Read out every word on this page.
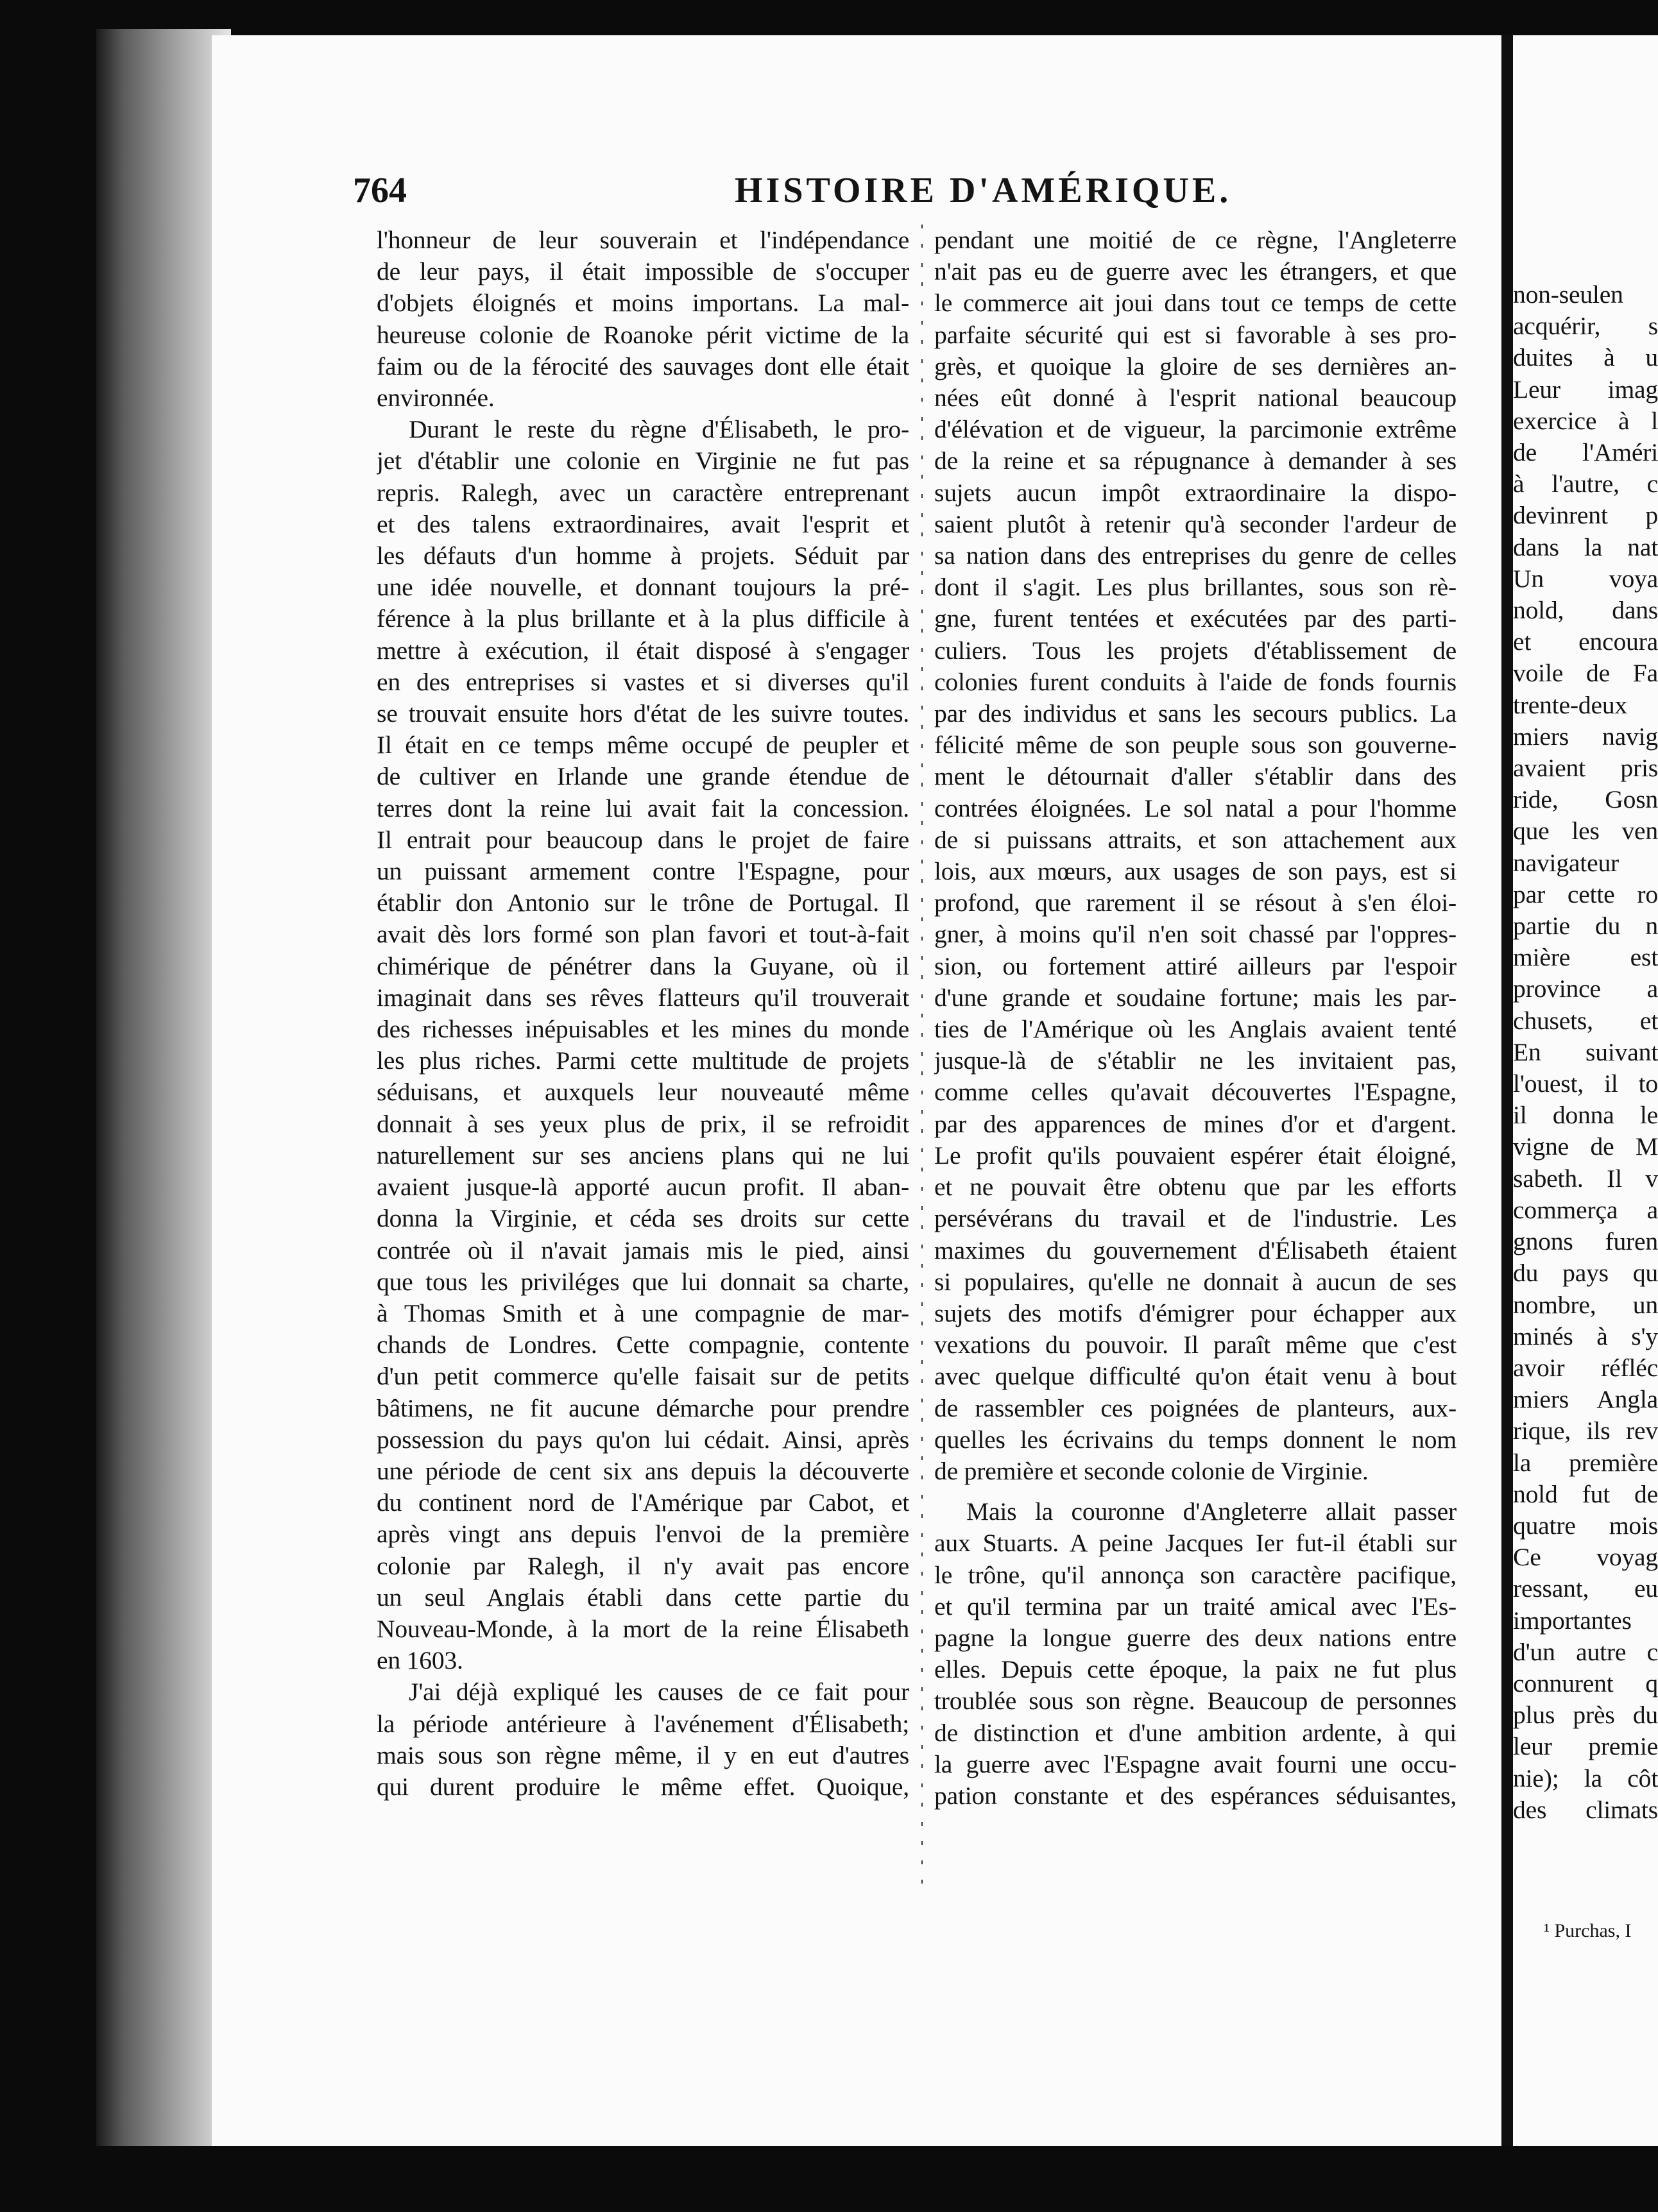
non-seulen
acquérir, s
duites à u
Leur imag
exercice à l
de l'Améri
à l'autre, c
devinrent p
dans la nat
Un voya
nold, dans
et encoura
voile de Fa
trente-deux
miers navig
avaient pris
ride, Gosn
que les ven
navigateur
par cette ro
partie du n
mière est
province a
chusets, et
En suivant
l'ouest, il to
il donna le
vigne de M
sabeth. Il v
commerça a
gnons furen
du pays qu
nombre, un
minés à s'y
avoir réfléc
miers Angla
rique, ils rev
la première
nold fut de
quatre mois
Ce voyag
ressant, eu
importantes
d'un autre c
connurent q
plus près du
leur premie
nie); la côt
des climats
¹ Purchas, I
764	HISTOIRE D'AMÉRIQUE.
l'honneur de leur souverain et l'indépendance
de leur pays, il était impossible de s'occuper
d'objets éloignés et moins importans. La mal-
heureuse colonie de Roanoke périt victime de la
faim ou de la férocité des sauvages dont elle était
environnée.
Durant le reste du règne d'Élisabeth, le pro-
jet d'établir une colonie en Virginie ne fut pas
repris. Ralegh, avec un caractère entreprenant
et des talens extraordinaires, avait l'esprit et
les défauts d'un homme à projets. Séduit par
une idée nouvelle, et donnant toujours la pré-
férence à la plus brillante et à la plus difficile à
mettre à exécution, il était disposé à s'engager
en des entreprises si vastes et si diverses qu'il
se trouvait ensuite hors d'état de les suivre toutes.
Il était en ce temps même occupé de peupler et
de cultiver en Irlande une grande étendue de
terres dont la reine lui avait fait la concession.
Il entrait pour beaucoup dans le projet de faire
un puissant armement contre l'Espagne, pour
établir don Antonio sur le trône de Portugal. Il
avait dès lors formé son plan favori et tout-à-fait
chimérique de pénétrer dans la Guyane, où il
imaginait dans ses rêves flatteurs qu'il trouverait
des richesses inépuisables et les mines du monde
les plus riches. Parmi cette multitude de projets
séduisans, et auxquels leur nouveauté même
donnait à ses yeux plus de prix, il se refroidit
naturellement sur ses anciens plans qui ne lui
avaient jusque-là apporté aucun profit. Il aban-
donna la Virginie, et céda ses droits sur cette
contrée où il n'avait jamais mis le pied, ainsi
que tous les priviléges que lui donnait sa charte,
à Thomas Smith et à une compagnie de mar-
chands de Londres. Cette compagnie, contente
d'un petit commerce qu'elle faisait sur de petits
bâtimens, ne fit aucune démarche pour prendre
possession du pays qu'on lui cédait. Ainsi, après
une période de cent six ans depuis la découverte
du continent nord de l'Amérique par Cabot, et
après vingt ans depuis l'envoi de la première
colonie par Ralegh, il n'y avait pas encore
un seul Anglais établi dans cette partie du
Nouveau-Monde, à la mort de la reine Élisabeth
en 1603.
J'ai déjà expliqué les causes de ce fait pour
la période antérieure à l'avénement d'Élisabeth;
mais sous son règne même, il y en eut d'autres
qui durent produire le même effet. Quoique,
pendant une moitié de ce règne, l'Angleterre
n'ait pas eu de guerre avec les étrangers, et que
le commerce ait joui dans tout ce temps de cette
parfaite sécurité qui est si favorable à ses pro-
grès, et quoique la gloire de ses dernières an-
nées eût donné à l'esprit national beaucoup
d'élévation et de vigueur, la parcimonie extrême
de la reine et sa répugnance à demander à ses
sujets aucun impôt extraordinaire la dispo-
saient plutôt à retenir qu'à seconder l'ardeur de
sa nation dans des entreprises du genre de celles
dont il s'agit. Les plus brillantes, sous son rè-
gne, furent tentées et exécutées par des parti-
culiers. Tous les projets d'établissement de
colonies furent conduits à l'aide de fonds fournis
par des individus et sans les secours publics. La
félicité même de son peuple sous son gouverne-
ment le détournait d'aller s'établir dans des
contrées éloignées. Le sol natal a pour l'homme
de si puissans attraits, et son attachement aux
lois, aux mœurs, aux usages de son pays, est si
profond, que rarement il se résout à s'en éloi-
gner, à moins qu'il n'en soit chassé par l'oppres-
sion, ou fortement attiré ailleurs par l'espoir
d'une grande et soudaine fortune; mais les par-
ties de l'Amérique où les Anglais avaient tenté
jusque-là de s'établir ne les invitaient pas,
comme celles qu'avait découvertes l'Espagne,
par des apparences de mines d'or et d'argent.
Le profit qu'ils pouvaient espérer était éloigné,
et ne pouvait être obtenu que par les efforts
persévérans du travail et de l'industrie. Les
maximes du gouvernement d'Élisabeth étaient
si populaires, qu'elle ne donnait à aucun de ses
sujets des motifs d'émigrer pour échapper aux
vexations du pouvoir. Il paraît même que c'est
avec quelque difficulté qu'on était venu à bout
de rassembler ces poignées de planteurs, aux-
quelles les écrivains du temps donnent le nom
de première et seconde colonie de Virginie.
Mais la couronne d'Angleterre allait passer
aux Stuarts. A peine Jacques Ier fut-il établi sur
le trône, qu'il annonça son caractère pacifique,
et qu'il termina par un traité amical avec l'Es-
pagne la longue guerre des deux nations entre
elles. Depuis cette époque, la paix ne fut plus
troublée sous son règne. Beaucoup de personnes
de distinction et d'une ambition ardente, à qui
la guerre avec l'Espagne avait fourni une occu-
pation constante et des espérances séduisantes,
